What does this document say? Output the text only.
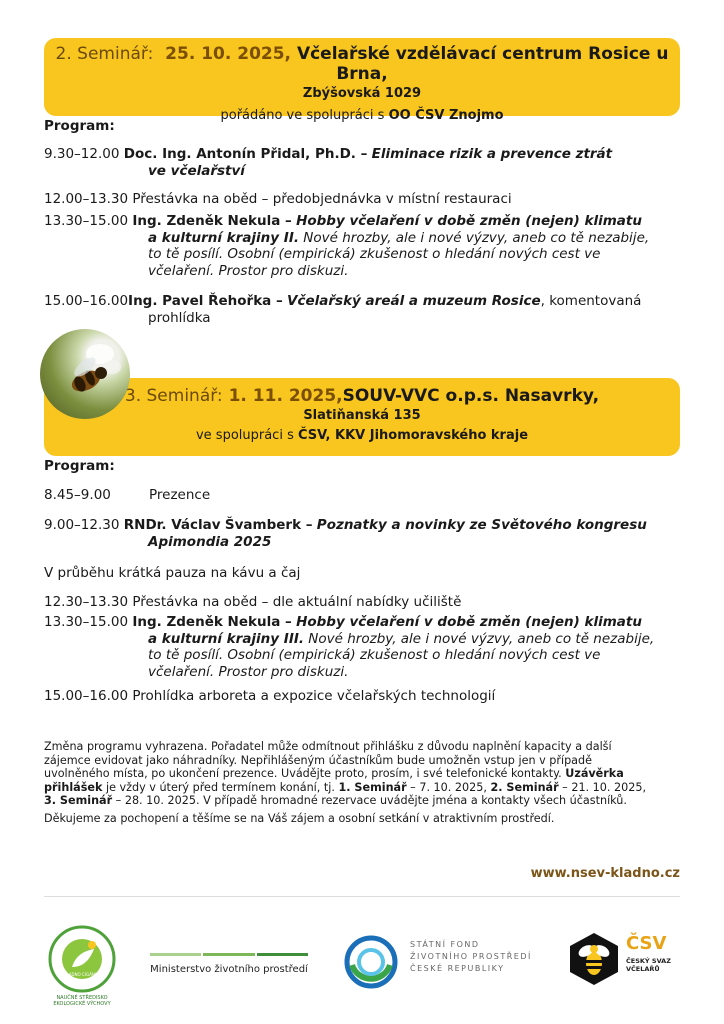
2. Seminář: 25. 10. 2025, Včelařské vzdělávací centrum Rosice u Brna,
Zbýšovská 1029
pořádáno ve spolupráci s OO ČSV Znojmo
Program:
9.30–12.00 Doc. Ing. Antonín Přidal, Ph.D. – Eliminace rizik a prevence ztrát
ve včelařství
12.00–13.30 Přestávka na oběd – předobjednávka v místní restauraci
13.30–15.00 Ing. Zdeněk Nekula – Hobby včelaření v době změn (nejen) klimatu
a kulturní krajiny II. Nové hrozby, ale i nové výzvy, aneb co tě nezabije,
to tě posílí. Osobní (empirická) zkušenost o hledání nových cest ve
včelaření. Prostor pro diskuzi.
15.00–16.00Ing. Pavel Řehořka – Včelařský areál a muzeum Rosice, komentovaná
prohlídka
3. Seminář: 1. 11. 2025,SOUV-VVC o.p.s. Nasavrky,
Slatiňanská 135
ve spolupráci s ČSV, KKV Jihomoravského kraje
Program:
8.45–9.00	Prezence
9.00–12.30 RNDr. Václav Švamberk – Poznatky a novinky ze Světového kongresu
Apimondia 2025
V průběhu krátká pauza na kávu a čaj
12.30–13.30 Přestávka na oběd – dle aktuální nabídky učiliště
13.30–15.00 Ing. Zdeněk Nekula – Hobby včelaření v době změn (nejen) klimatu
a kulturní krajiny III. Nové hrozby, ale i nové výzvy, aneb co tě nezabije,
to tě posílí. Osobní (empirická) zkušenost o hledání nových cest ve
včelaření. Prostor pro diskuzi.
15.00–16.00 Prohlídka arboreta a expozice včelařských technologií
Změna programu vyhrazena. Pořadatel může odmítnout přihlášku z důvodu naplnění kapacity a další
zájemce evidovat jako náhradníky. Nepřihlášeným účastníkům bude umožněn vstup jen v případě
uvolněného místa, po ukončení prezence. Uvádějte proto, prosím, i své telefonické kontakty. Uzávěrka
přihlášek je vždy v úterý před termínem konání, tj. 1. Seminář – 7. 10. 2025, 2. Seminář – 21. 10. 2025,
3. Seminář – 28. 10. 2025. V případě hromadné rezervace uvádějte jména a kontakty všech účastníků.
Děkujeme za pochopení a těšíme se na Váš zájem a osobní setkání v atraktivním prostředí.
www.nsev-kladno.cz
NAUČNÉ STŘEDISKO EKOLOGICKÉ VÝCHOVY
KLADNO CIGÁNKA	Ministerstvo životního prostředí
STÁTNÍ FOND
ŽIVOTNÍHO PROSTŘEDÍ
ČESKÉ REPUBLIKY
ČSV
ČESKÝ SVAZ
VČELAŘŮ
